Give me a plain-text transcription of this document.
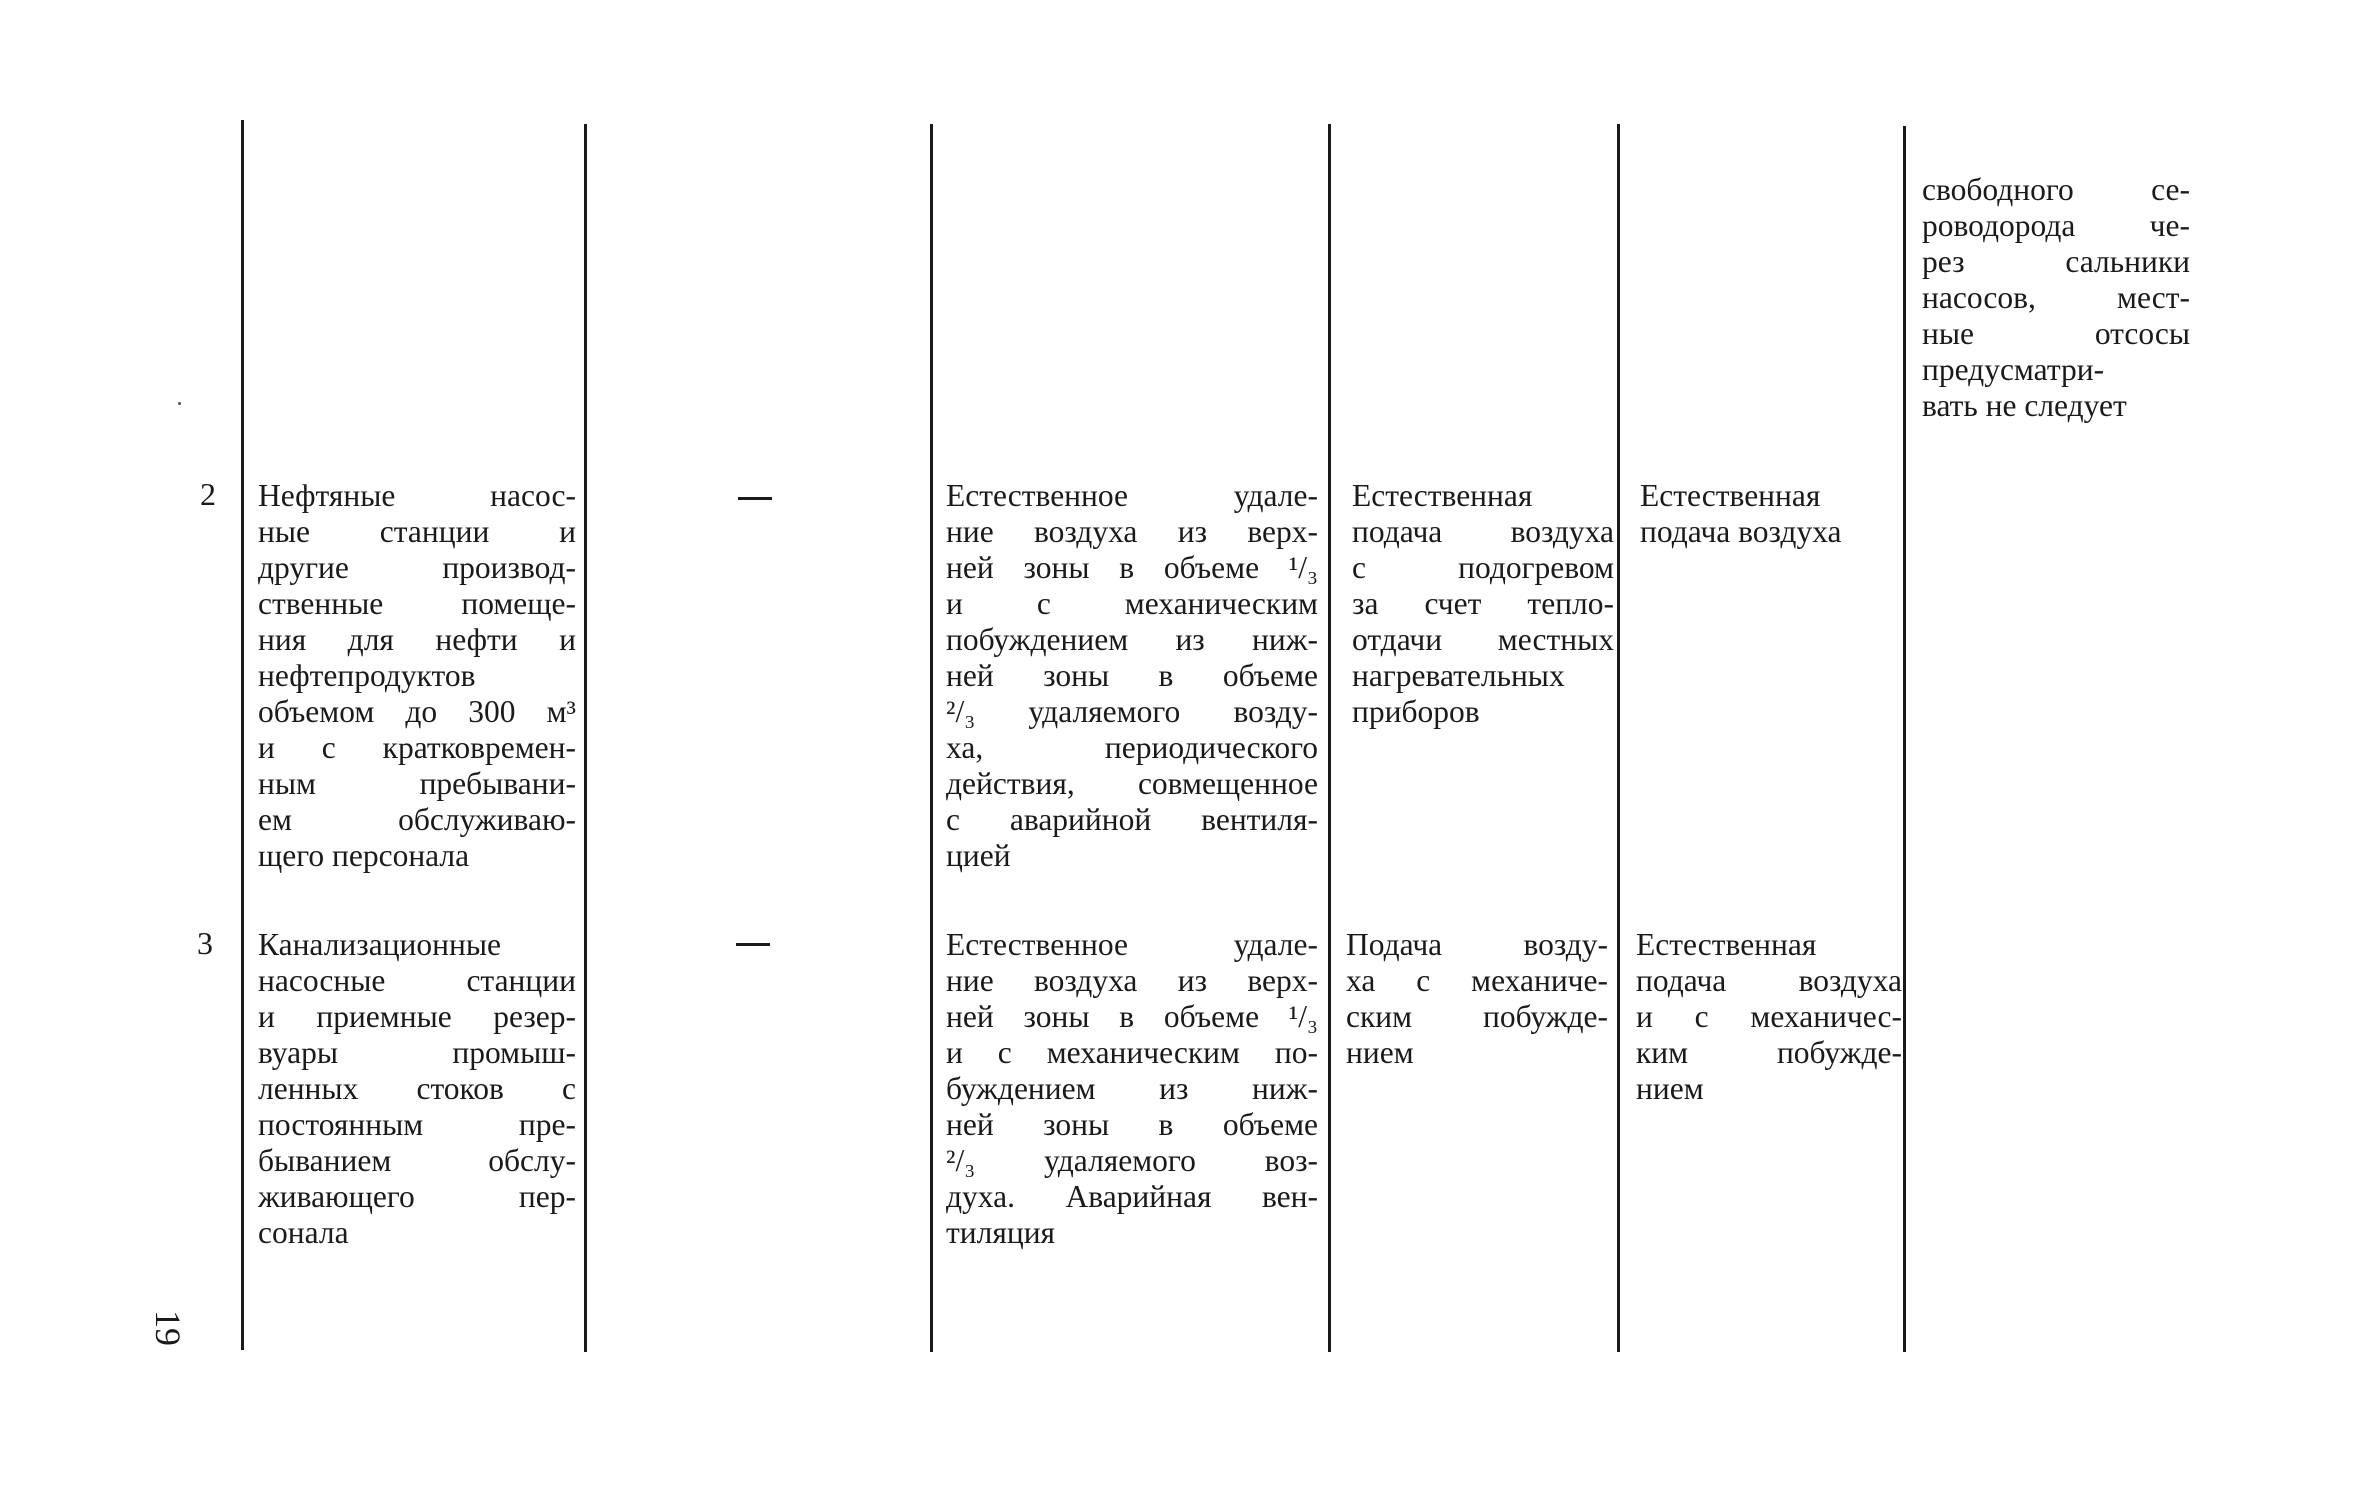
свободного се-
роводорода че-
рез сальники
насосов, мест-
ные отсосы
предусматри-
вать не следует
2 Нефтяные насос-
ные станции и
другие производ-
ственные помеще-
ния для нефти и
нефтепродуктов
объемом до 300 м³
и с кратковремен-
ным пребывани-
ем обслуживаю-
щего персонала
Естественное удале-
ние воздуха из верх-
ней зоны в объеме ¹/₃
и с механическим
побуждением из ниж-
ней зоны в объеме
²/₃ удаляемого возду-
ха, периодического
действия, совмещенное
с аварийной вентиля-
цией
Естественная
подача воздуха
с подогревом
за счет тепло-
отдачи местных
нагревательных
приборов
Естественная
подача воздуха
3 Канализационные
насосные станции
и приемные резер-
вуары промыш-
ленных стоков с
постоянным пре-
быванием обслу-
живающего пер-
сонала
Естественное удале-
ние воздуха из верх-
ней зоны в объеме ¹/₃
и с механическим по-
буждением из ниж-
ней зоны в объеме
²/₃ удаляемого воз-
духа. Аварийная вен-
тиляция
Подача возду-
ха с механиче-
ским побужде-
нием
Естественная
подача воздуха
и с механичес-
ким побужде-
нием
19
